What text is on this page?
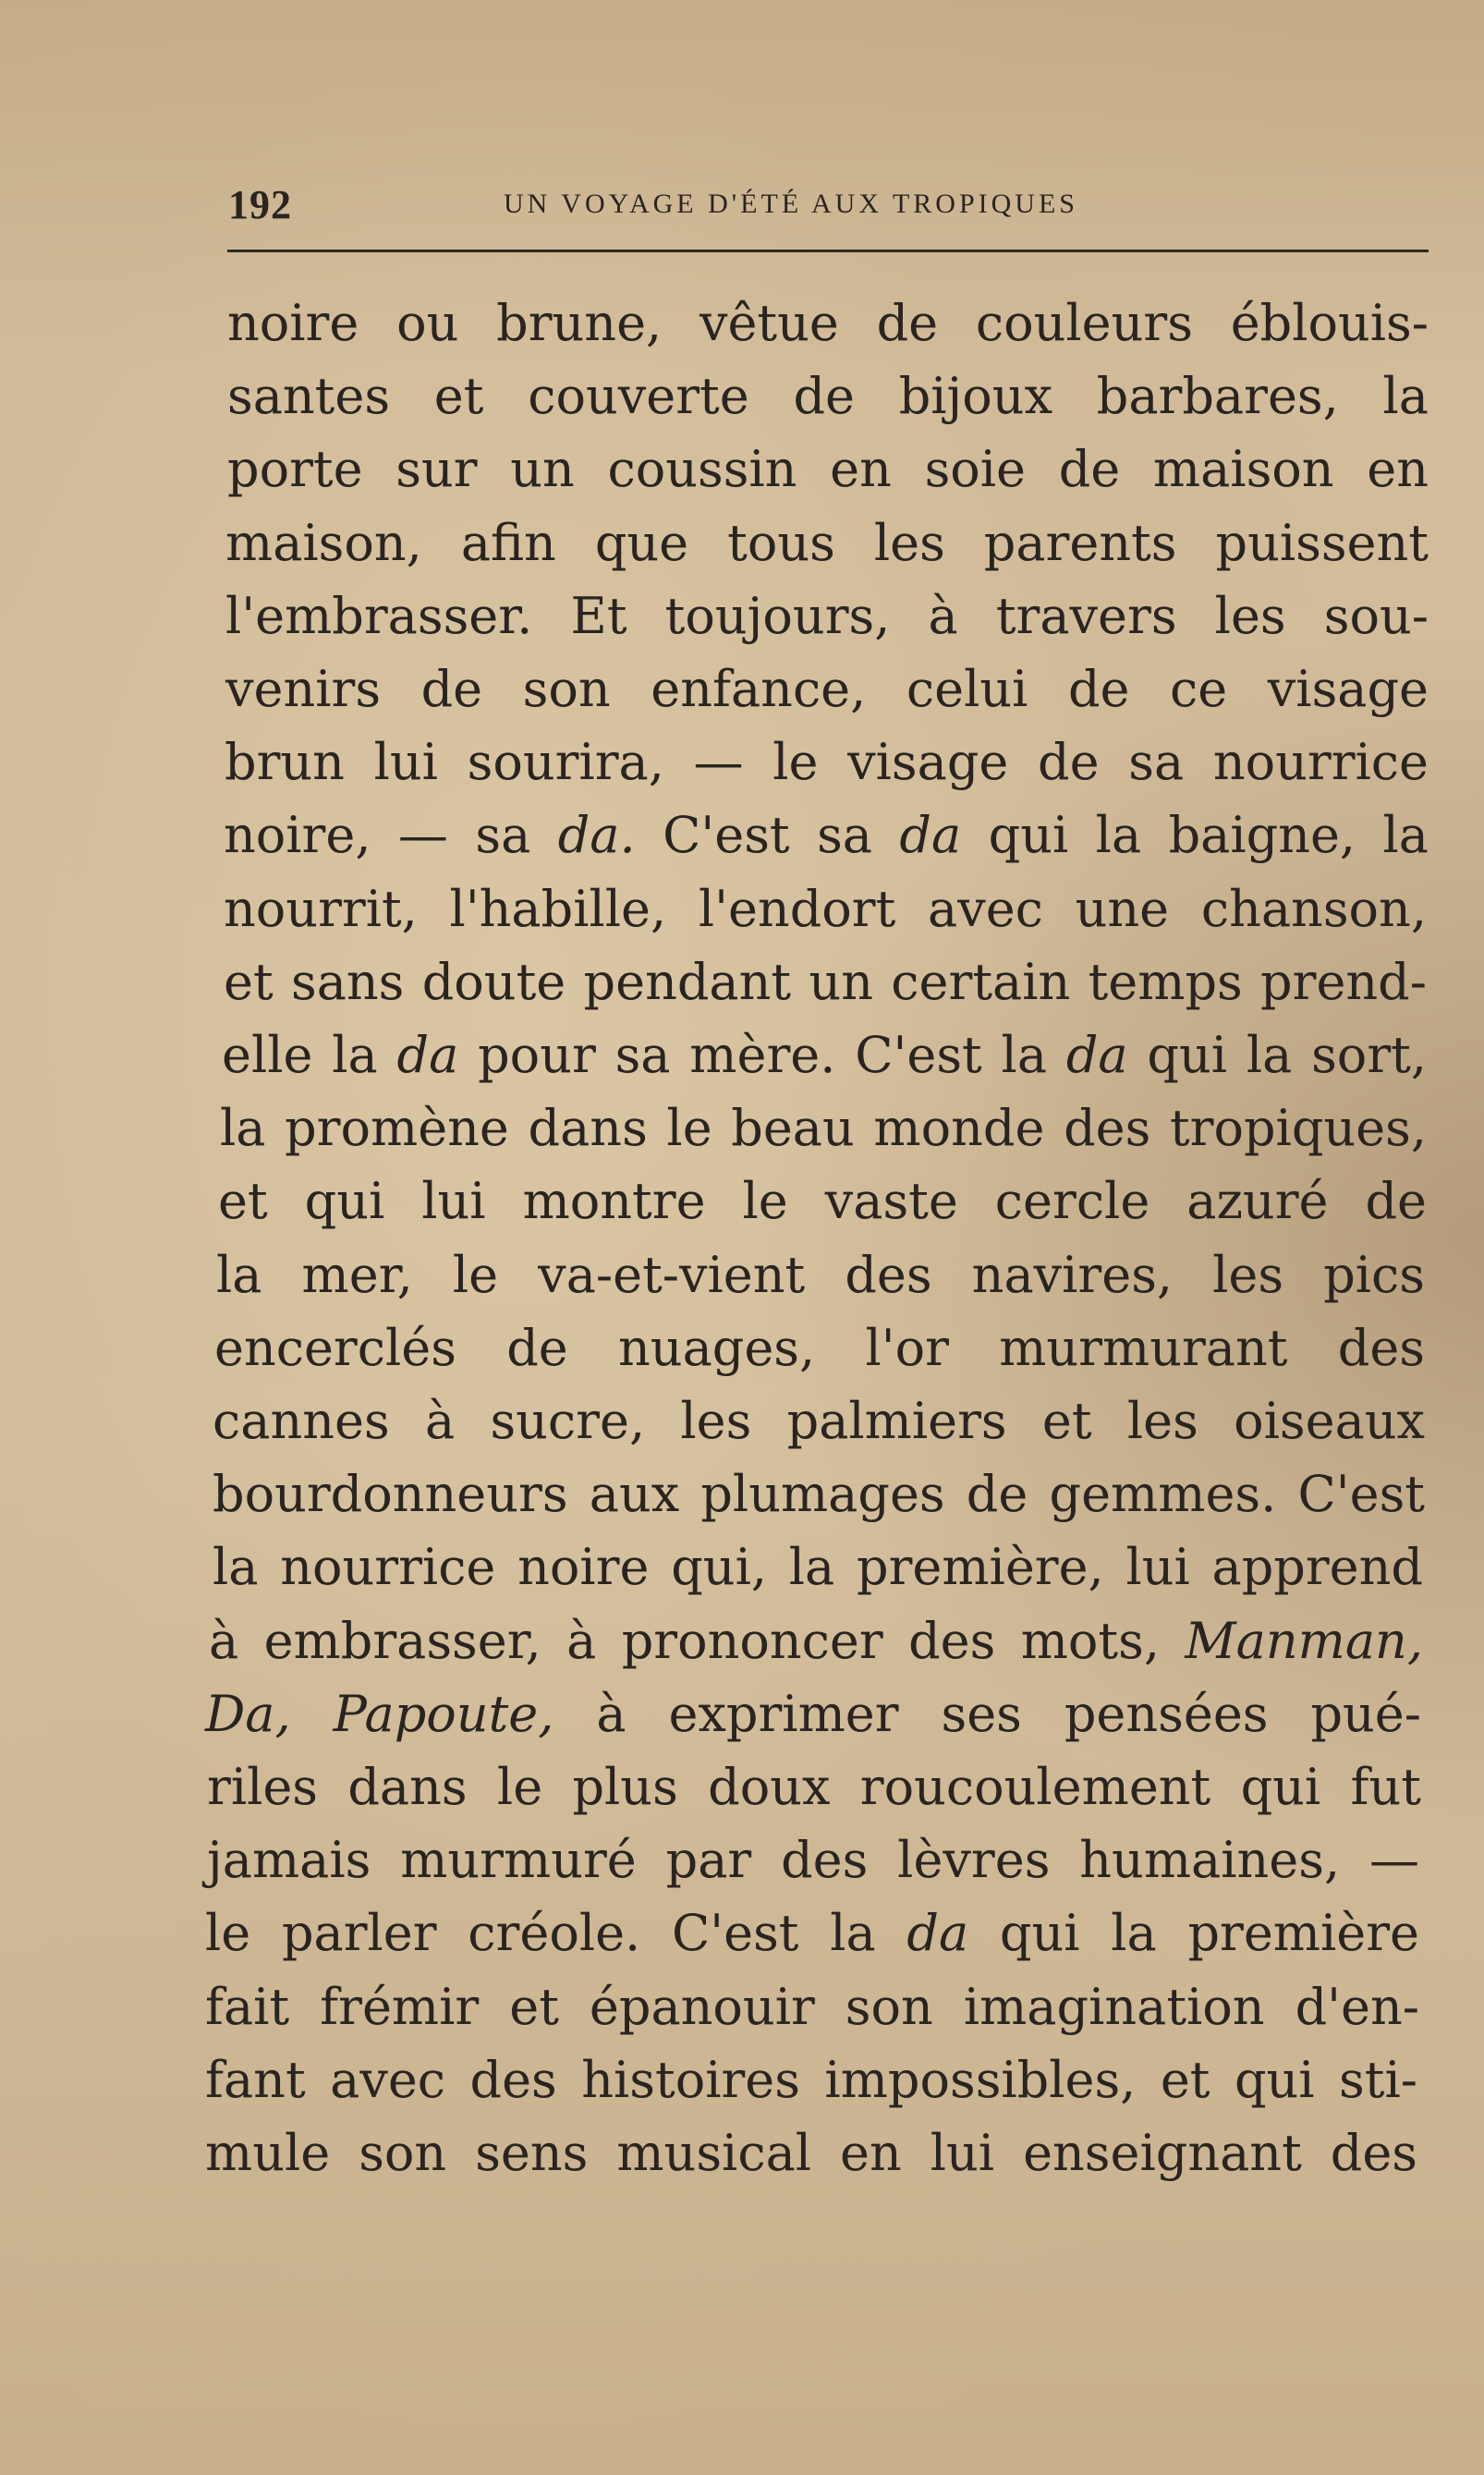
192	UN VOYAGE D'ÉTÉ AUX TROPIQUES
noire ou brune, vêtue de couleurs éblouis-
santes et couverte de bijoux barbares, la
porte sur un coussin en soie de maison en
maison, afin que tous les parents puissent
l'embrasser. Et toujours, à travers les sou-
venirs de son enfance, celui de ce visage
brun lui sourira, — le visage de sa nourrice
noire, — sa da. C'est sa da qui la baigne, la
nourrit, l'habille, l'endort avec une chanson,
et sans doute pendant un certain temps prend-
elle la da pour sa mère. C'est la da qui la sort,
la promène dans le beau monde des tropiques,
et qui lui montre le vaste cercle azuré de
la mer, le va-et-vient des navires, les pics
encerclés de nuages, l'or murmurant des
cannes à sucre, les palmiers et les oiseaux
bourdonneurs aux plumages de gemmes. C'est
la nourrice noire qui, la première, lui apprend
à embrasser, à prononcer des mots, Manman,
Da, Papoute, à exprimer ses pensées pué-
riles dans le plus doux roucoulement qui fut
jamais murmuré par des lèvres humaines, —
le parler créole. C'est la da qui la première
fait frémir et épanouir son imagination d'en-
fant avec des histoires impossibles, et qui sti-
mule son sens musical en lui enseignant des
